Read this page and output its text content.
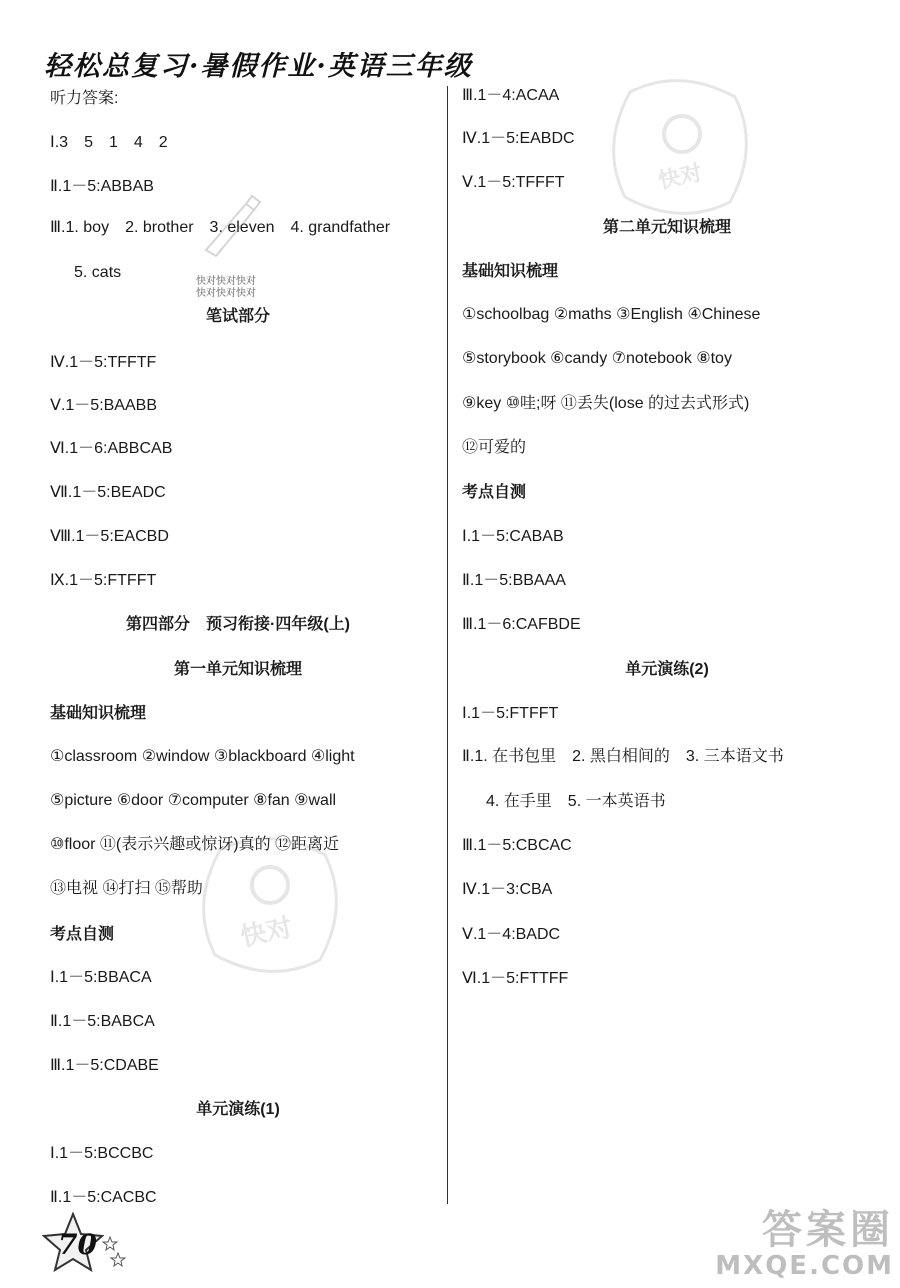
轻松总复习·暑假作业·英语三年级
听力答案:
Ⅰ.3　5　1　4　2
Ⅱ.1－5:ABBAB
Ⅲ.1. boy　2. brother　3. eleven　4. grandfather
5. cats
笔试部分
Ⅳ.1－5:TFFTF
Ⅴ.1－5:BAABB
Ⅵ.1－6:ABBCAB
Ⅶ.1－5:BEADC
Ⅷ.1－5:EACBD
Ⅸ.1－5:FTFFT
第四部分　预习衔接·四年级(上)
第一单元知识梳理
基础知识梳理
①classroom ②window ③blackboard ④light
⑤picture ⑥door ⑦computer ⑧fan ⑨wall
⑩floor ⑪(表示兴趣或惊讶)真的 ⑫距离近
⑬电视 ⑭打扫 ⑮帮助
考点自测
Ⅰ.1－5:BBACA
Ⅱ.1－5:BABCA
Ⅲ.1－5:CDABE
单元演练(1)
Ⅰ.1－5:BCCBC
Ⅱ.1－5:CACBC
Ⅲ.1－4:ACAA
Ⅳ.1－5:EABDC
Ⅴ.1－5:TFFFT
第二单元知识梳理
基础知识梳理
①schoolbag ②maths ③English ④Chinese
⑤storybook ⑥candy ⑦notebook ⑧toy
⑨key ⑩哇;呀 ⑪丢失(lose 的过去式形式)
⑫可爱的
考点自测
Ⅰ.1－5:CABAB
Ⅱ.1－5:BBAAA
Ⅲ.1－6:CAFBDE
单元演练(2)
Ⅰ.1－5:FTFFT
Ⅱ.1. 在书包里　2. 黑白相间的　3. 三本语文书
4. 在手里　5. 一本英语书
Ⅲ.1－5:CBCAC
Ⅳ.1－3:CBA
Ⅴ.1－4:BADC
Ⅵ.1－5:FTTFF
快对快对快对
快对快对快对
快对
快对
70	答案圈
MXQE.COM
